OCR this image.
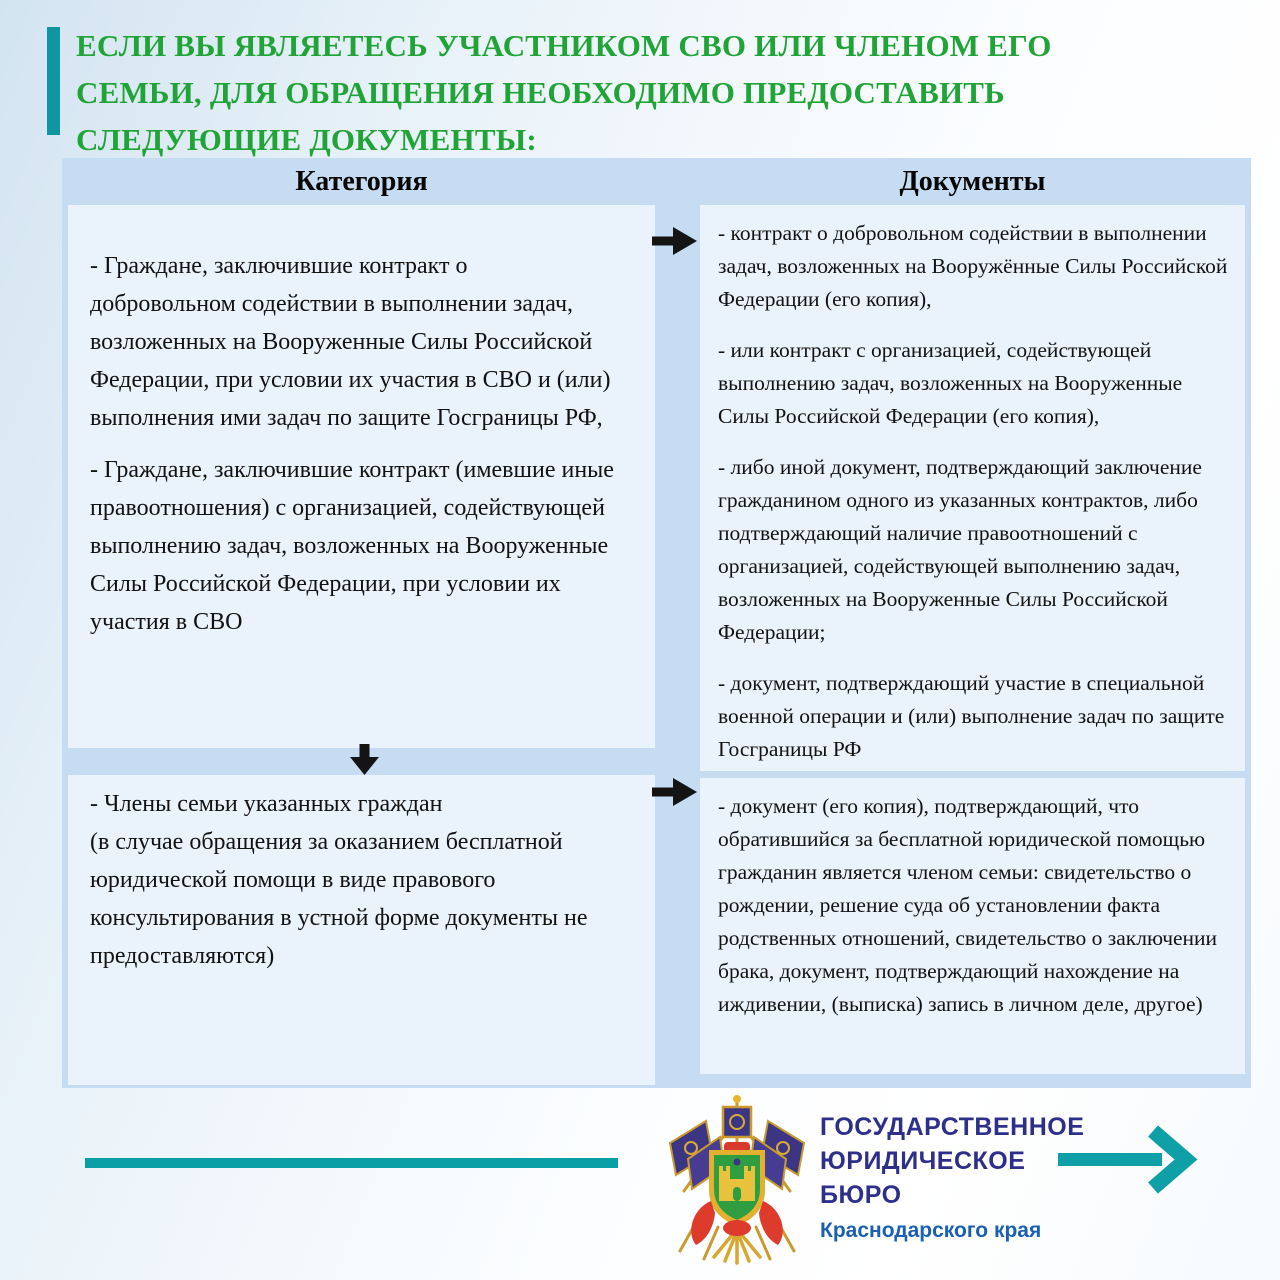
ЕСЛИ ВЫ ЯВЛЯЕТЕСЬ УЧАСТНИКОМ СВО ИЛИ ЧЛЕНОМ ЕГО СЕМЬИ, ДЛЯ ОБРАЩЕНИЯ НЕОБХОДИМО ПРЕДОСТАВИТЬ СЛЕДУЮЩИЕ ДОКУМЕНТЫ:
Категория	Документы

- Граждане, заключившие контракт о добровольном содействии в выполнении задач, возложенных на Вооруженные Силы Российской Федерации, при условии их участия в СВО и (или) выполнения ими задач по защите Госграницы РФ,

- Граждане, заключившие контракт (имевшие иные правоотношения) с организацией, содействующей выполнению задач, возложенных на Вооруженные Силы Российской Федерации, при условии их участия в СВО

- контракт о добровольном содействии в выполнении задач, возложенных на Вооружённые Силы Российской Федерации (его копия),

- или контракт с организацией, содействующей выполнению задач, возложенных на Вооруженные Силы Российской Федерации (его копия),

- либо иной документ, подтверждающий заключение гражданином одного из указанных контрактов, либо подтверждающий наличие правоотношений с организацией, содействующей выполнению задач, возложенных на Вооруженные Силы Российской Федерации;

- документ, подтверждающий участие в специальной военной операции и (или) выполнение задач по защите Госграницы РФ

- Члены семьи указанных граждан

(в случае обращения за оказанием бесплатной юридической помощи в виде правового консультирования в устной форме документы не предоставляются)

- документ (его копия), подтверждающий, что обратившийся за бесплатной юридической помощью гражданин является членом семьи: свидетельство о рождении, решение суда об установлении факта родственных отношений, свидетельство о заключении брака, документ, подтверждающий нахождение на иждивении, (выписка) запись в личном деле, другое)

ГОСУДАРСТВЕННОЕ
ЮРИДИЧЕСКОЕ
БЮРО
Краснодарского края
